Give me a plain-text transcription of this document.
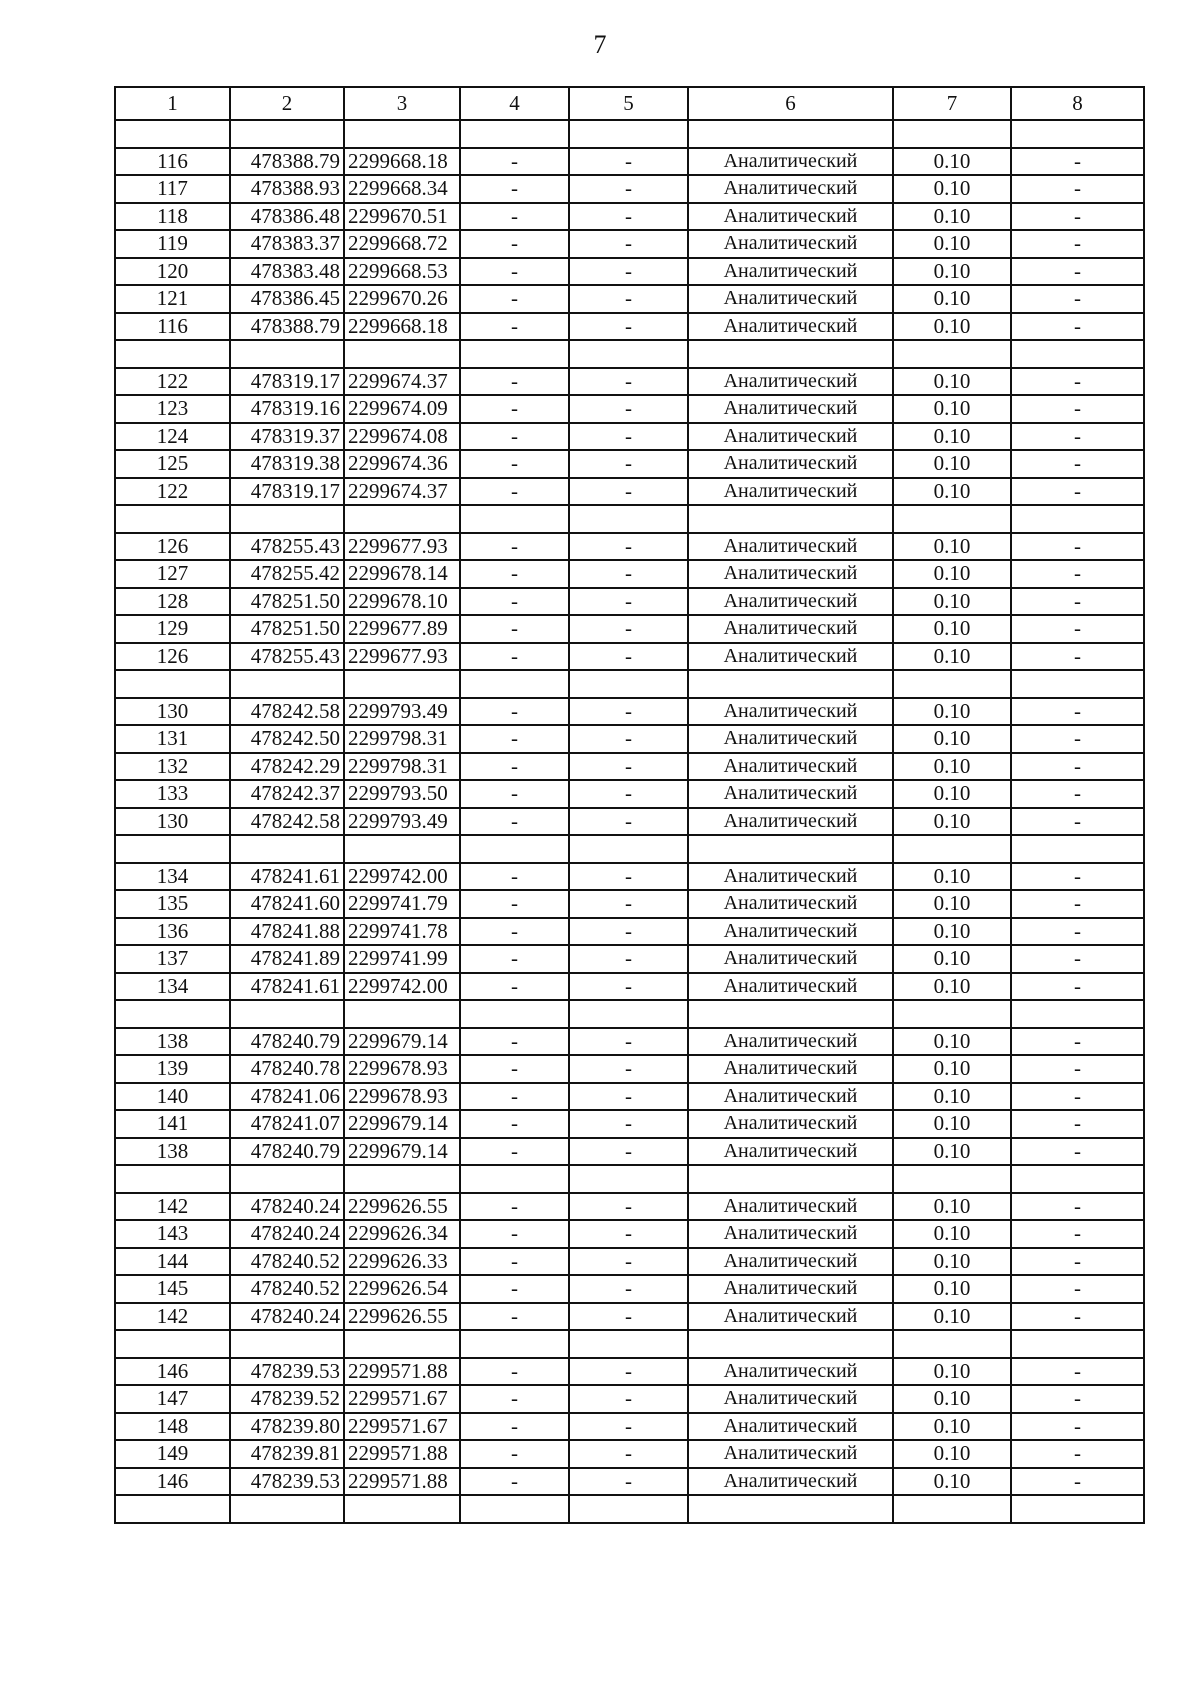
7
1	2	3	4	5	6	7	8

116	478388.79	2299668.18	-	-	Аналитический	0.10	-
117	478388.93	2299668.34	-	-	Аналитический	0.10	-
118	478386.48	2299670.51	-	-	Аналитический	0.10	-
119	478383.37	2299668.72	-	-	Аналитический	0.10	-
120	478383.48	2299668.53	-	-	Аналитический	0.10	-
121	478386.45	2299670.26	-	-	Аналитический	0.10	-
116	478388.79	2299668.18	-	-	Аналитический	0.10	-

122	478319.17	2299674.37	-	-	Аналитический	0.10	-
123	478319.16	2299674.09	-	-	Аналитический	0.10	-
124	478319.37	2299674.08	-	-	Аналитический	0.10	-
125	478319.38	2299674.36	-	-	Аналитический	0.10	-
122	478319.17	2299674.37	-	-	Аналитический	0.10	-

126	478255.43	2299677.93	-	-	Аналитический	0.10	-
127	478255.42	2299678.14	-	-	Аналитический	0.10	-
128	478251.50	2299678.10	-	-	Аналитический	0.10	-
129	478251.50	2299677.89	-	-	Аналитический	0.10	-
126	478255.43	2299677.93	-	-	Аналитический	0.10	-

130	478242.58	2299793.49	-	-	Аналитический	0.10	-
131	478242.50	2299798.31	-	-	Аналитический	0.10	-
132	478242.29	2299798.31	-	-	Аналитический	0.10	-
133	478242.37	2299793.50	-	-	Аналитический	0.10	-
130	478242.58	2299793.49	-	-	Аналитический	0.10	-

134	478241.61	2299742.00	-	-	Аналитический	0.10	-
135	478241.60	2299741.79	-	-	Аналитический	0.10	-
136	478241.88	2299741.78	-	-	Аналитический	0.10	-
137	478241.89	2299741.99	-	-	Аналитический	0.10	-
134	478241.61	2299742.00	-	-	Аналитический	0.10	-

138	478240.79	2299679.14	-	-	Аналитический	0.10	-
139	478240.78	2299678.93	-	-	Аналитический	0.10	-
140	478241.06	2299678.93	-	-	Аналитический	0.10	-
141	478241.07	2299679.14	-	-	Аналитический	0.10	-
138	478240.79	2299679.14	-	-	Аналитический	0.10	-

142	478240.24	2299626.55	-	-	Аналитический	0.10	-
143	478240.24	2299626.34	-	-	Аналитический	0.10	-
144	478240.52	2299626.33	-	-	Аналитический	0.10	-
145	478240.52	2299626.54	-	-	Аналитический	0.10	-
142	478240.24	2299626.55	-	-	Аналитический	0.10	-

146	478239.53	2299571.88	-	-	Аналитический	0.10	-
147	478239.52	2299571.67	-	-	Аналитический	0.10	-
148	478239.80	2299571.67	-	-	Аналитический	0.10	-
149	478239.81	2299571.88	-	-	Аналитический	0.10	-
146	478239.53	2299571.88	-	-	Аналитический	0.10	-
